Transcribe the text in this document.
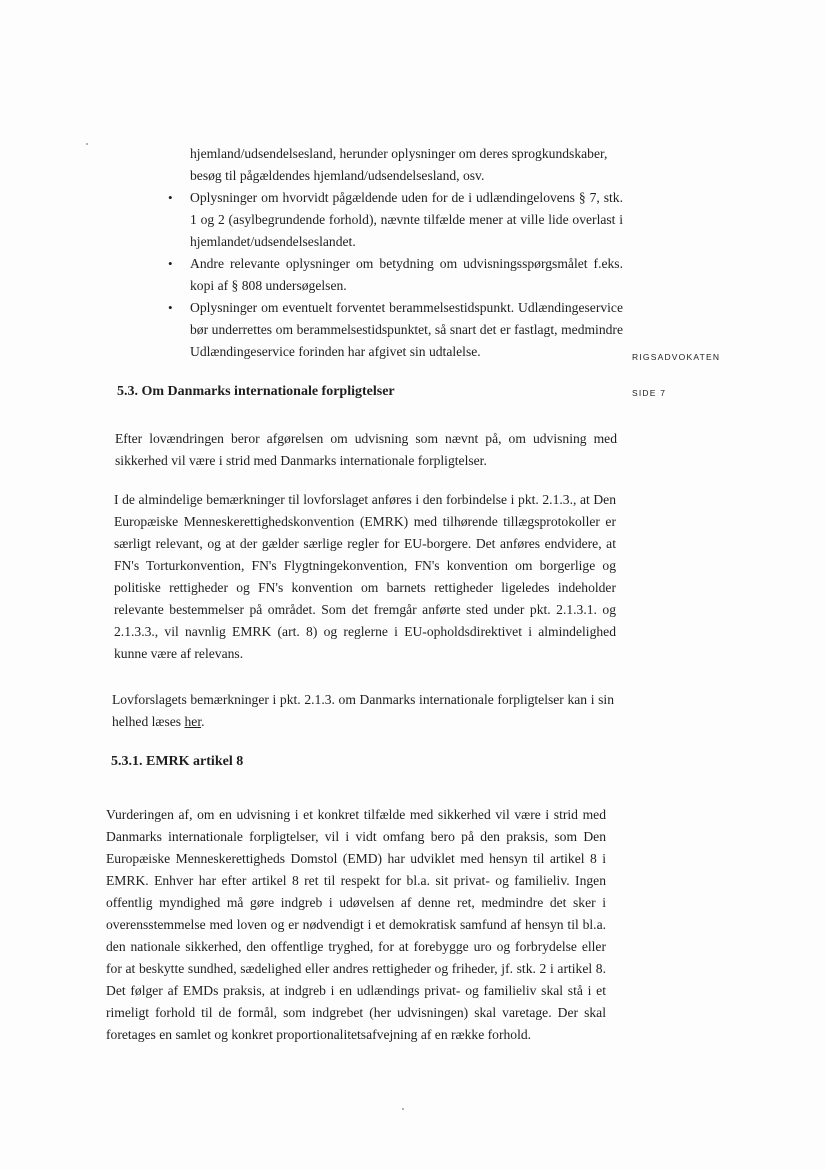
hjemland/udsendelsesland, herunder oplysninger om deres sprogkundskaber, besøg til pågældendes hjemland/udsendelsesland, osv.
• Oplysninger om hvorvidt pågældende uden for de i udlændingelovens § 7, stk. 1 og 2 (asylbegrundende forhold), nævnte tilfælde mener at ville lide overlast i hjemlandet/udsendelseslandet.
• Andre relevante oplysninger om betydning om udvisningsspørgsmålet f.eks. kopi af § 808 undersøgelsen.
• Oplysninger om eventuelt forventet berammelsestidspunkt. Udlændingeservice bør underrettes om berammelsestidspunktet, så snart det er fastlagt, medmindre Udlændingeservice forinden har afgivet sin udtalelse.	RIGSADVOKATEN
SIDE 7
5.3. Om Danmarks internationale forpligtelser

Efter lovændringen beror afgørelsen om udvisning som nævnt på, om udvisning med sikkerhed vil være i strid med Danmarks internationale forpligtelser.

I de almindelige bemærkninger til lovforslaget anføres i den forbindelse i pkt. 2.1.3., at Den Europæiske Menneskerettighedskonvention (EMRK) med tilhørende tillægsprotokoller er særligt relevant, og at der gælder særlige regler for EU-borgere. Det anføres endvidere, at FN's Torturkonvention, FN's Flygtningekonvention, FN's konvention om borgerlige og politiske rettigheder og FN's konvention om barnets rettigheder ligeledes indeholder relevante bestemmelser på området. Som det fremgår anførte sted under pkt. 2.1.3.1. og 2.1.3.3., vil navnlig EMRK (art. 8) og reglerne i EU-opholdsdirektivet i almindelighed kunne være af relevans.

Lovforslagets bemærkninger i pkt. 2.1.3. om Danmarks internationale forpligtelser kan i sin helhed læses her.

5.3.1. EMRK artikel 8

Vurderingen af, om en udvisning i et konkret tilfælde med sikkerhed vil være i strid med Danmarks internationale forpligtelser, vil i vidt omfang bero på den praksis, som Den Europæiske Menneskerettigheds Domstol (EMD) har udviklet med hensyn til artikel 8 i EMRK. Enhver har efter artikel 8 ret til respekt for bl.a. sit privat- og familieliv. Ingen offentlig myndighed må gøre indgreb i udøvelsen af denne ret, medmindre det sker i overensstemmelse med loven og er nødvendigt i et demokratisk samfund af hensyn til bl.a. den nationale sikkerhed, den offentlige tryghed, for at forebygge uro og forbrydelse eller for at beskytte sundhed, sædelighed eller andres rettigheder og friheder, jf. stk. 2 i artikel 8. Det følger af EMDs praksis, at indgreb i en udlændings privat- og familieliv skal stå i et rimeligt forhold til de formål, som indgrebet (her udvisningen) skal varetage. Der skal foretages en samlet og konkret proportionalitetsafvejning af en række forhold.
